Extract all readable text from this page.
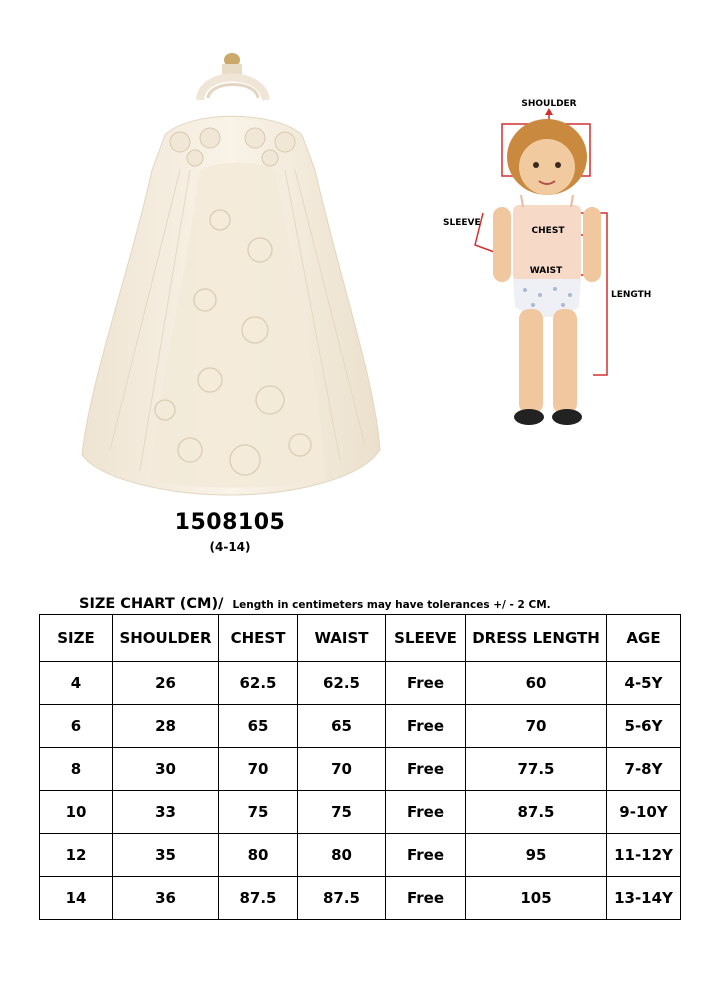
SHOULDER
CHEST
WAIST
SLEEVE
LENGTH
1508105
(4-14)
SIZE CHART (CM)/ Length in centimeters may have tolerances +/ - 2 CM.
SIZE	SHOULDER	CHEST	WAIST	SLEEVE	DRESS LENGTH	AGE
4	26	62.5	62.5	Free	60	4-5Y
6	28	65	65	Free	70	5-6Y
8	30	70	70	Free	77.5	7-8Y
10	33	75	75	Free	87.5	9-10Y
12	35	80	80	Free	95	11-12Y
14	36	87.5	87.5	Free	105	13-14Y
